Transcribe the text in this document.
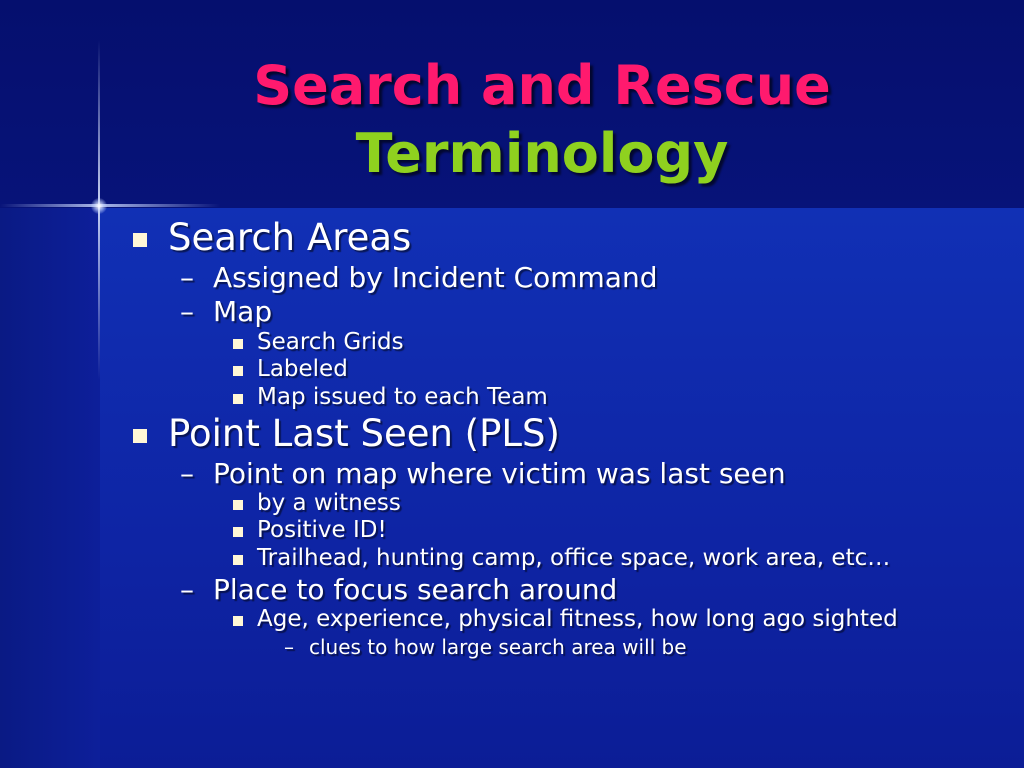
Search and Rescue
Terminology
Search Areas
– Assigned by Incident Command
– Map
Search Grids
Labeled
Map issued to each Team
Point Last Seen (PLS)
– Point on map where victim was last seen
by a witness
Positive ID!
Trailhead, hunting camp, office space, work area, etc…
– Place to focus search around
Age, experience, physical fitness, how long ago sighted
– clues to how large search area will be
